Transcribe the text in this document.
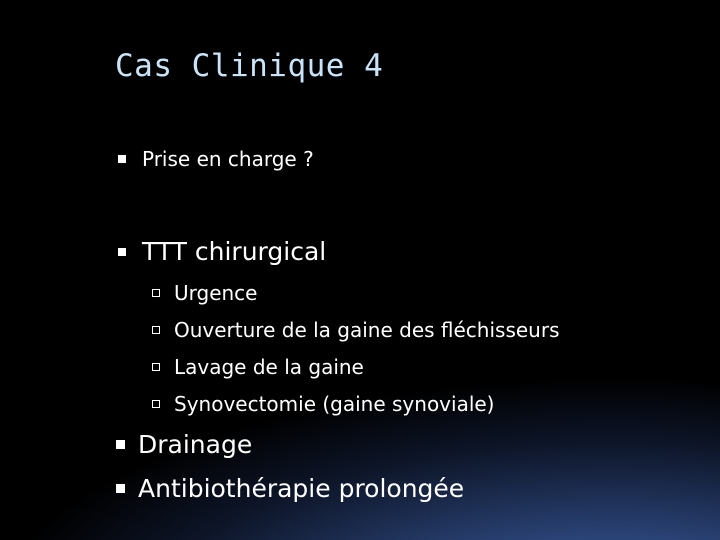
Cas Clinique 4
Prise en charge ?
TTT chirurgical
Urgence
Ouverture de la gaine des fléchisseurs
Lavage de la gaine
Synovectomie (gaine synoviale)
Drainage
Antibiothérapie prolongée
